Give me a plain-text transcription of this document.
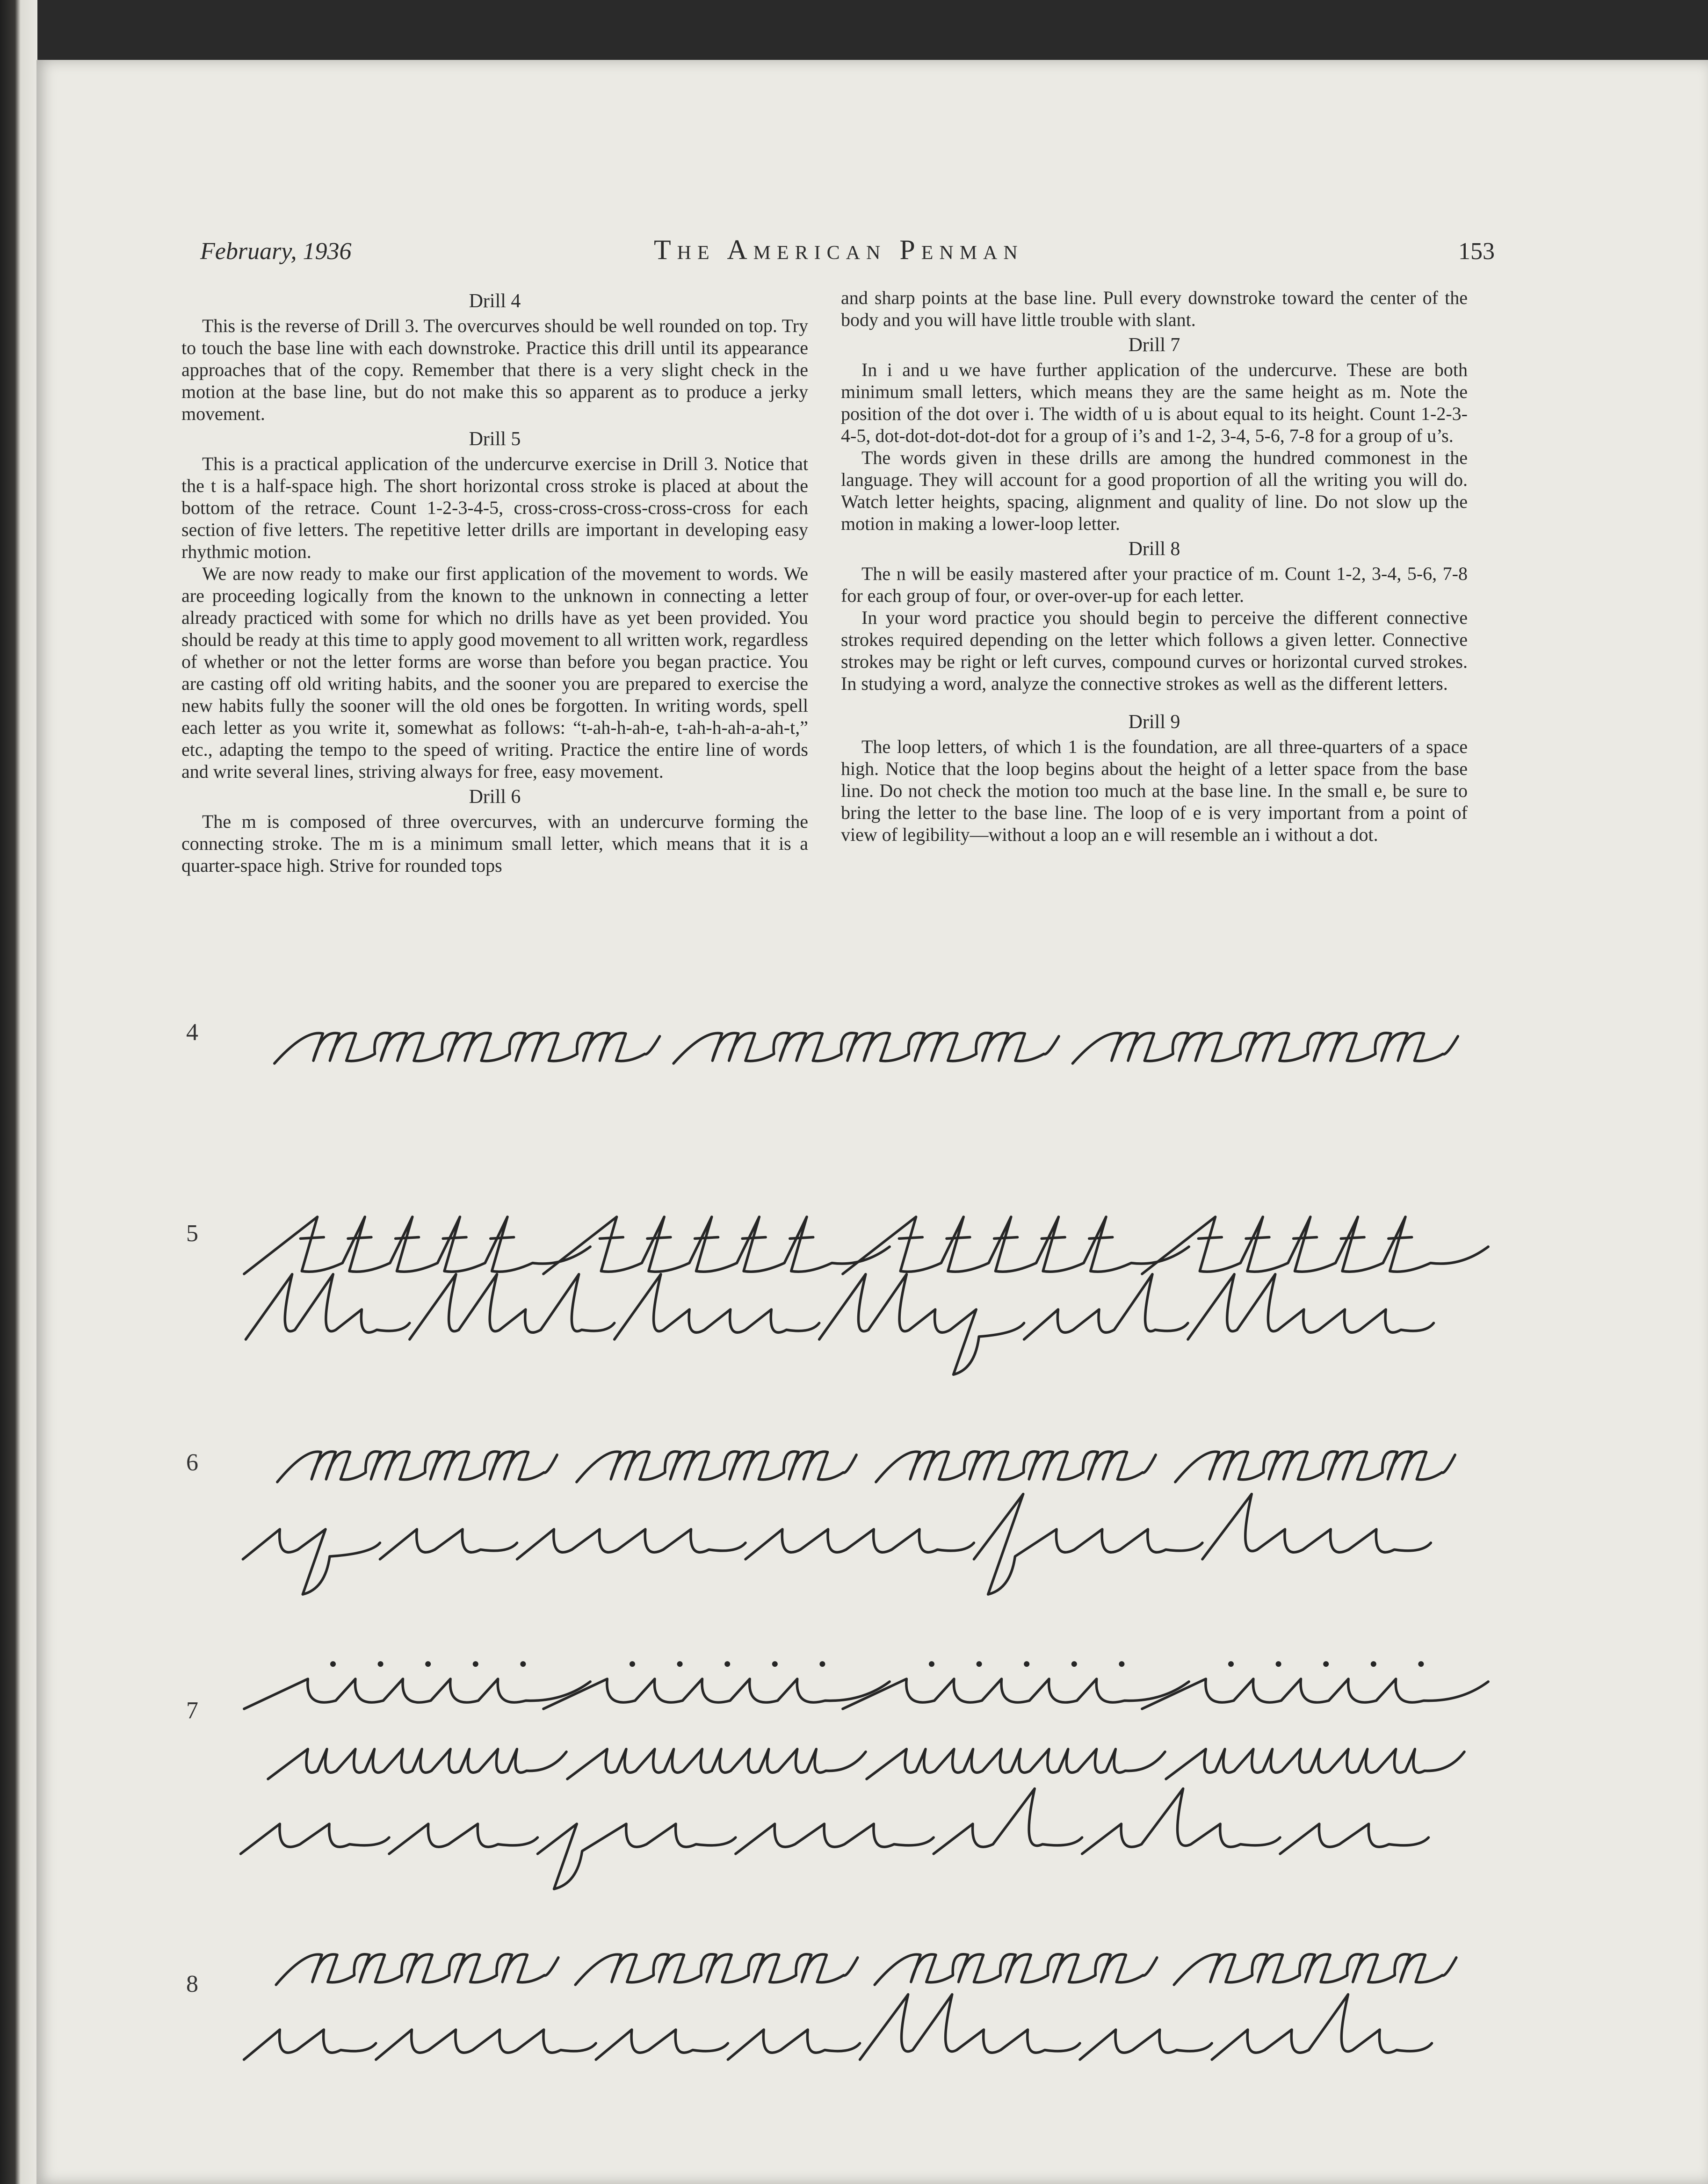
February, 1936	The American Penman	153
Drill 4

This is the reverse of Drill 3. The overcurves should be well rounded on top. Try to touch the base line with each downstroke. Practice this drill until its appearance approaches that of the copy. Remember that there is a very slight check in the motion at the base line, but do not make this so apparent as to produce a jerky movement.

Drill 5

This is a practical application of the undercurve exercise in Drill 3. Notice that the t is a half-space high. The short horizontal cross stroke is placed at about the bottom of the retrace. Count 1-2-3-4-5, cross-cross-cross-cross-cross for each section of five letters. The repetitive letter drills are important in developing easy rhythmic motion.

We are now ready to make our first application of the movement to words. We are proceeding logically from the known to the unknown in connecting a letter already practiced with some for which no drills have as yet been provided. You should be ready at this time to apply good movement to all written work, regardless of whether or not the letter forms are worse than before you began practice. You are casting off old writing habits, and the sooner you are prepared to exercise the new habits fully the sooner will the old ones be forgotten. In writing words, spell each letter as you write it, somewhat as follows: “t-ah-h-ah-e, t-ah-h-ah-a-ah-t,” etc., adapting the tempo to the speed of writing. Practice the entire line of words and write several lines, striving always for free, easy movement.

Drill 6

The m is composed of three overcurves, with an undercurve forming the connecting stroke. The m is a minimum small letter, which means that it is a quarter-space high. Strive for rounded tops

and sharp points at the base line. Pull every downstroke toward the center of the body and you will have little trouble with slant.

Drill 7

In i and u we have further application of the undercurve. These are both minimum small letters, which means they are the same height as m. Note the position of the dot over i. The width of u is about equal to its height. Count 1-2-3-4-5, dot-dot-dot-dot-dot for a group of i’s and 1-2, 3-4, 5-6, 7-8 for a group of u’s.

The words given in these drills are among the hundred commonest in the language. They will account for a good proportion of all the writing you will do. Watch letter heights, spacing, alignment and quality of line. Do not slow up the motion in making a lower-loop letter.

Drill 8

The n will be easily mastered after your practice of m. Count 1-2, 3-4, 5-6, 7-8 for each group of four, or over-over-up for each letter.

In your word practice you should begin to perceive the different connective strokes required depending on the letter which follows a given letter. Connective strokes may be right or left curves, compound curves or horizontal curved strokes. In studying a word, analyze the connective strokes as well as the different letters.

Drill 9

The loop letters, of which 1 is the foundation, are all three-quarters of a space high. Notice that the loop begins about the height of a letter space from the base line. Do not check the motion too much at the base line. In the small e, be sure to bring the letter to the base line. The loop of e is very important from a point of view of legibility—without a loop an e will resemble an i without a dot.

4
5
6
7
8
